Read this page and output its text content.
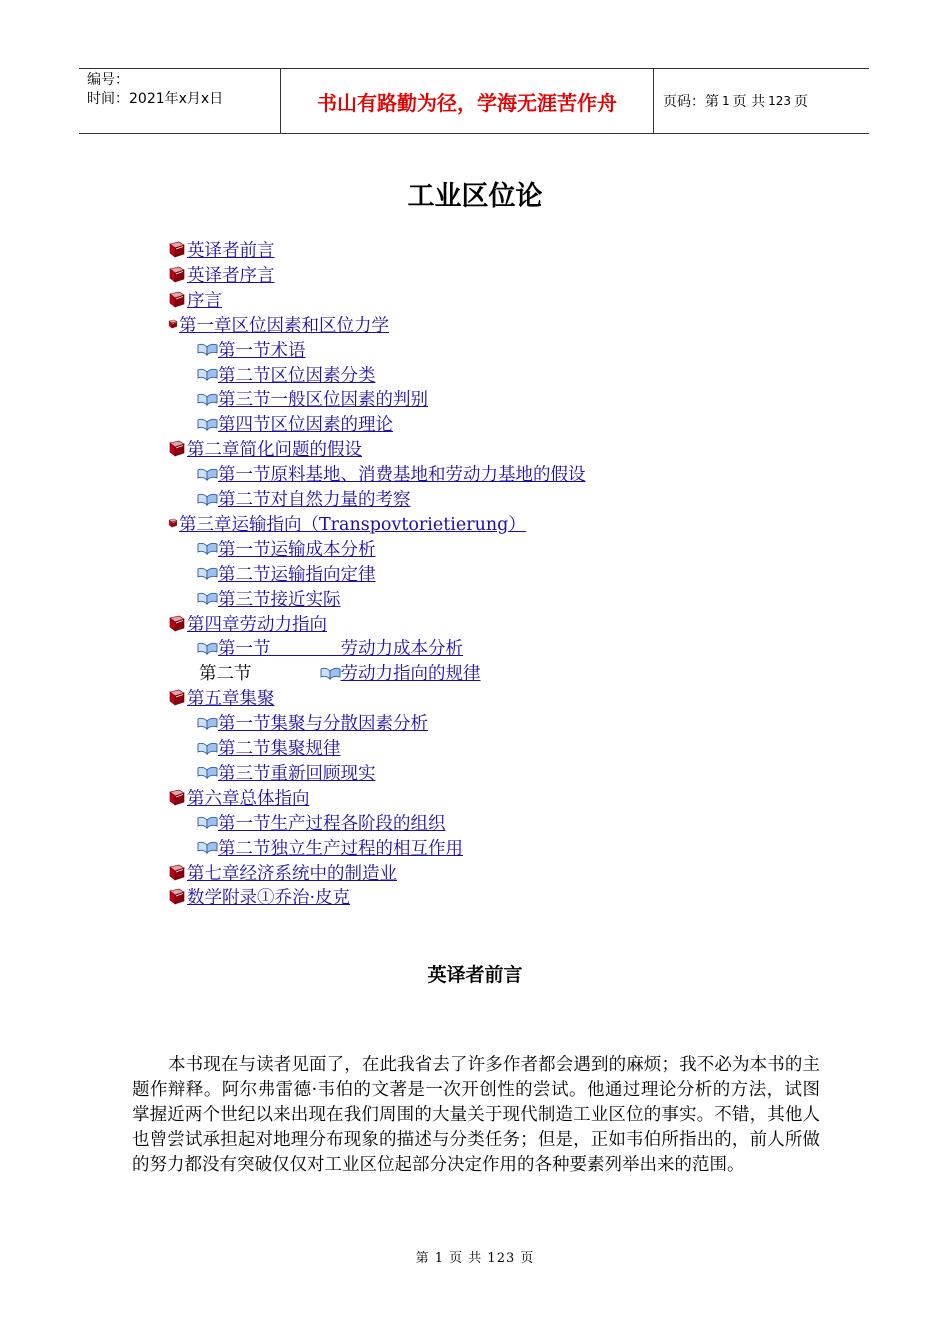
编号：
时间：2021年x月x日	书山有路勤为径，学海无涯苦作舟	页码：第 1 页 共 123 页
工业区位论
英译者前言
英译者序言
序言
第一章区位因素和区位力学
第一节术语
第二节区位因素分类
第三节一般区位因素的判别
第四节区位因素的理论
第二章简化问题的假设
第一节原料基地、消费基地和劳动力基地的假设
第二节对自然力量的考察
第三章运输指向（Transpovtorietierung）
第一节运输成本分析
第二节运输指向定律
第三节接近实际
第四章劳动力指向
第一节　　　　劳动力成本分析
第二节	劳动力指向的规律
第五章集聚
第一节集聚与分散因素分析
第二节集聚规律
第三节重新回顾现实
第六章总体指向
第一节生产过程各阶段的组织
第二节独立生产过程的相互作用
第七章经济系统中的制造业
数学附录①乔治·皮克
英译者前言

本书现在与读者见面了，在此我省去了许多作者都会遇到的麻烦；我不必为本书的主题作辩释。阿尔弗雷德·韦伯的文著是一次开创性的尝试。他通过理论分析的方法，试图掌握近两个世纪以来出现在我们周围的大量关于现代制造工业区位的事实。不错，其他人也曾尝试承担起对地理分布现象的描述与分类任务；但是，正如韦伯所指出的，前人所做的努力都没有突破仅仅对工业区位起部分决定作用的各种要素列举出来的范围。

第 1 页 共 123 页
